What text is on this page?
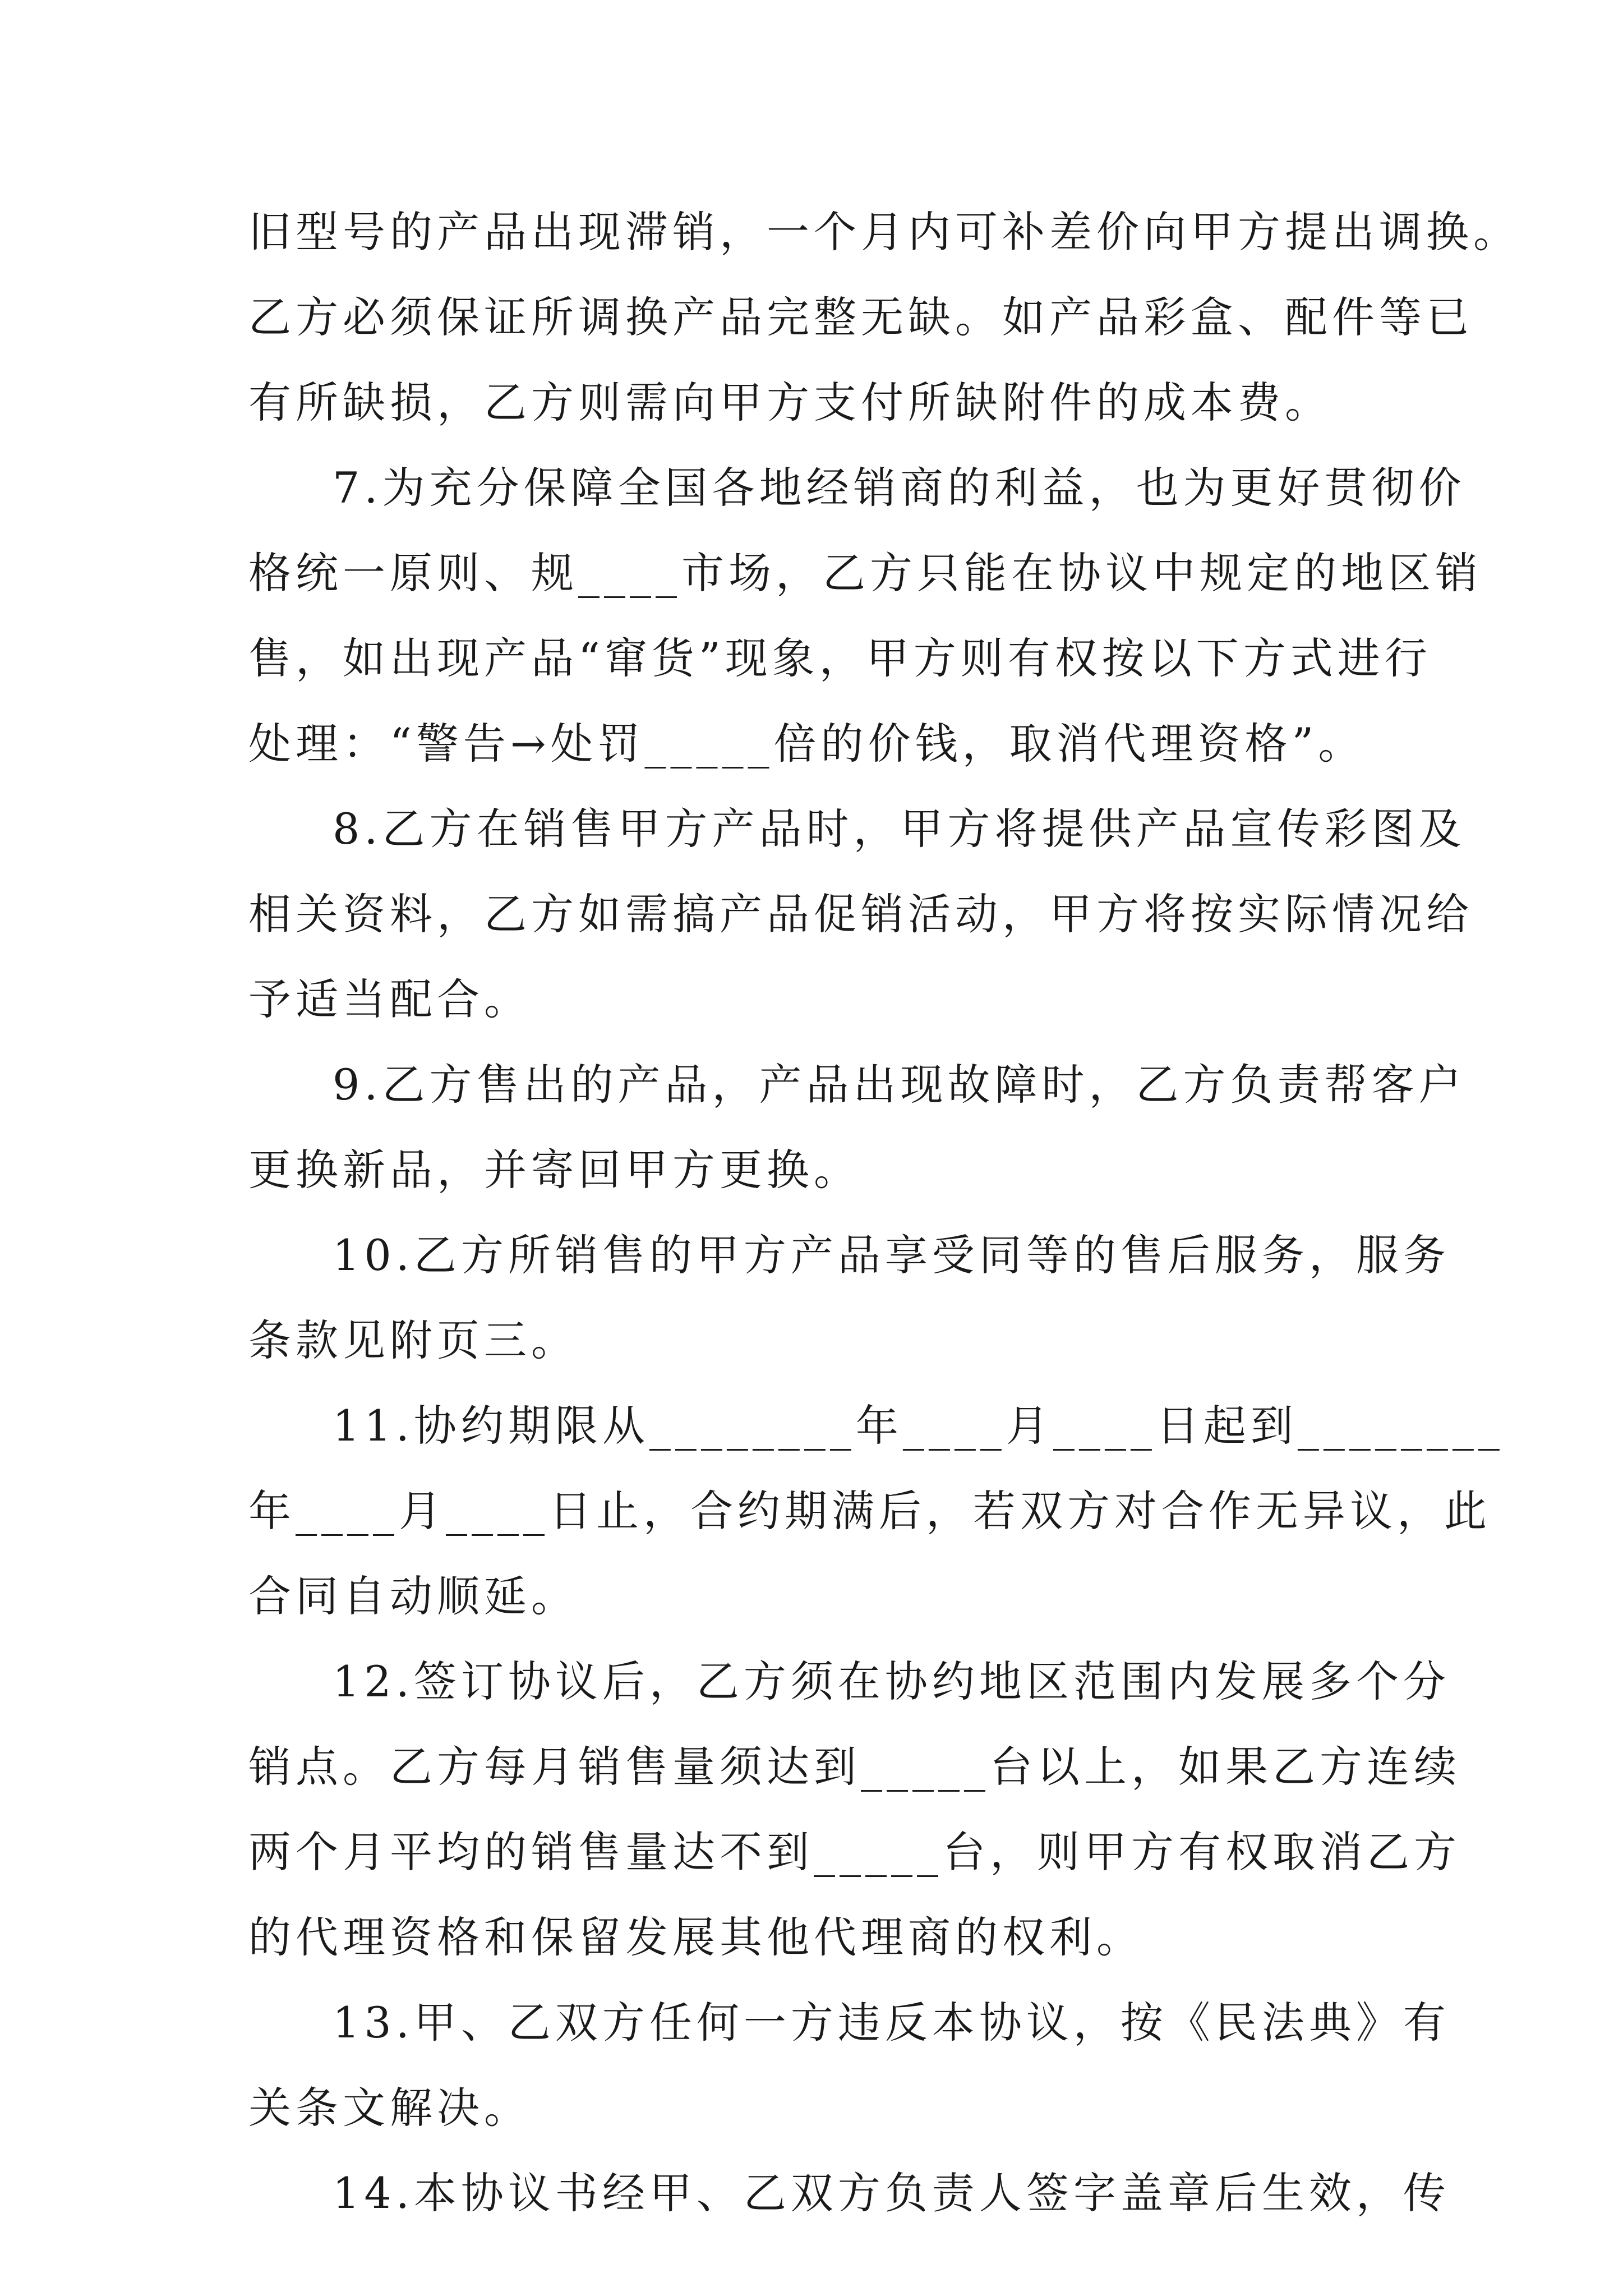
旧型号的产品出现滞销，一个月内可补差价向甲方提出调换。
乙方必须保证所调换产品完整无缺。如产品彩盒、配件等已
有所缺损，乙方则需向甲方支付所缺附件的成本费。
7.为充分保障全国各地经销商的利益，也为更好贯彻价
格统一原则、规____市场，乙方只能在协议中规定的地区销
售，如出现产品“窜货”现象，甲方则有权按以下方式进行
处理：“警告→处罚_____倍的价钱，取消代理资格”。
8.乙方在销售甲方产品时，甲方将提供产品宣传彩图及
相关资料，乙方如需搞产品促销活动，甲方将按实际情况给
予适当配合。
9.乙方售出的产品，产品出现故障时，乙方负责帮客户
更换新品，并寄回甲方更换。
10.乙方所销售的甲方产品享受同等的售后服务，服务
条款见附页三。
11.协约期限从________年____月____日起到________
年____月____日止，合约期满后，若双方对合作无异议，此
合同自动顺延。
12.签订协议后，乙方须在协约地区范围内发展多个分
销点。乙方每月销售量须达到_____台以上，如果乙方连续
两个月平均的销售量达不到_____台，则甲方有权取消乙方
的代理资格和保留发展其他代理商的权利。
13.甲、乙双方任何一方违反本协议，按《民法典》有
关条文解决。
14.本协议书经甲、乙双方负责人签字盖章后生效，传
